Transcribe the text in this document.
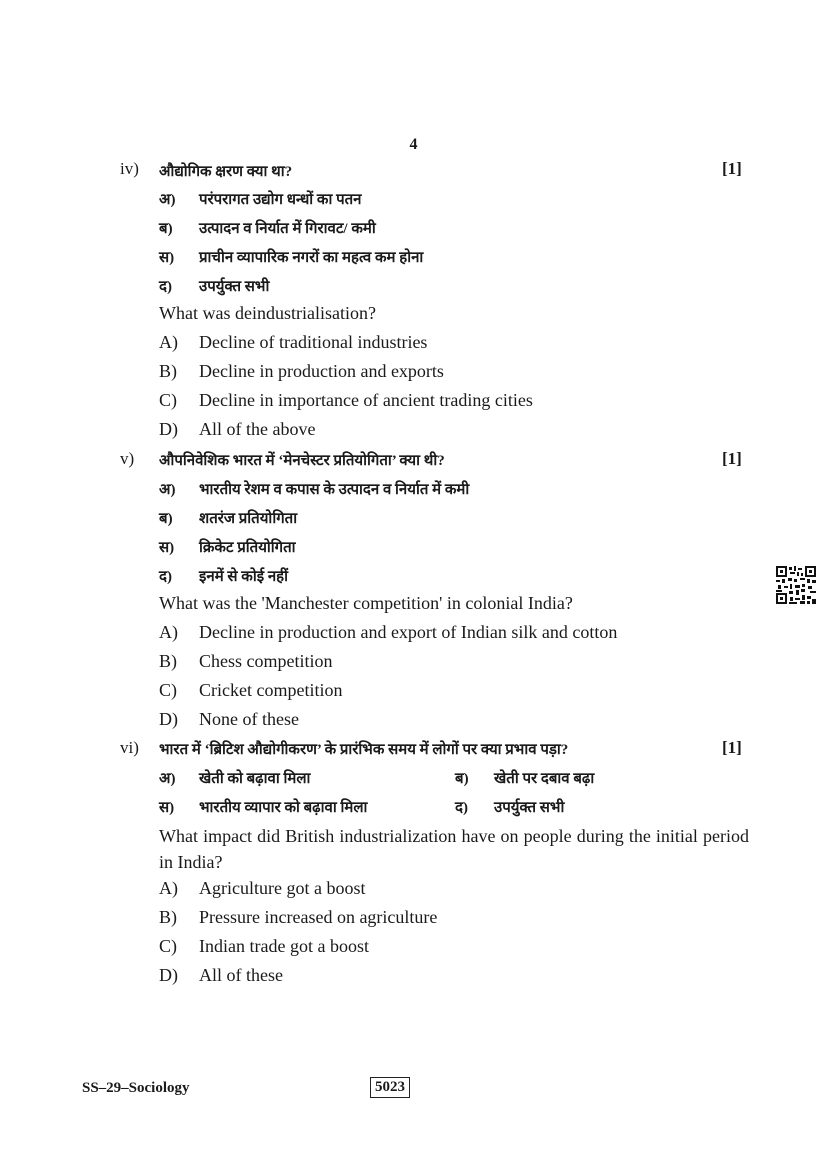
4
iv) औद्योगिक क्षरण क्या था?	[1]
अ) परंपरागत उद्योग धन्धों का पतन
ब) उत्पादन व निर्यात में गिरावट/ कमी
स) प्राचीन व्यापारिक नगरों का महत्व कम होना
द) उपर्युक्त सभी
What was deindustrialisation?
A) Decline of traditional industries
B) Decline in production and exports
C) Decline in importance of ancient trading cities
D) All of the above
v) औपनिवेशिक भारत में ‘मेनचेस्टर प्रतियोगिता’ क्या थी?	[1]
अ) भारतीय रेशम व कपास के उत्पादन व निर्यात में कमी
ब) शतरंज प्रतियोगिता
स) क्रिकेट प्रतियोगिता
द) इनमें से कोई नहीं
What was the 'Manchester competition' in colonial India?
A) Decline in production and export of Indian silk and cotton
B) Chess competition
C) Cricket competition
D) None of these
vi) भारत में ‘ब्रिटिश औद्योगीकरण’ के प्रारंभिक समय में लोगों पर क्या प्रभाव पड़ा?	[1]
अ) खेती को बढ़ावा मिला	ब) खेती पर दबाव बढ़ा
स) भारतीय व्यापार को बढ़ावा मिला	द) उपर्युक्त सभी
What impact did British industrialization have on people during the initial period in India?
A) Agriculture got a boost
B) Pressure increased on agriculture
C) Indian trade got a boost
D) All of these
SS–29–Sociology	5023
